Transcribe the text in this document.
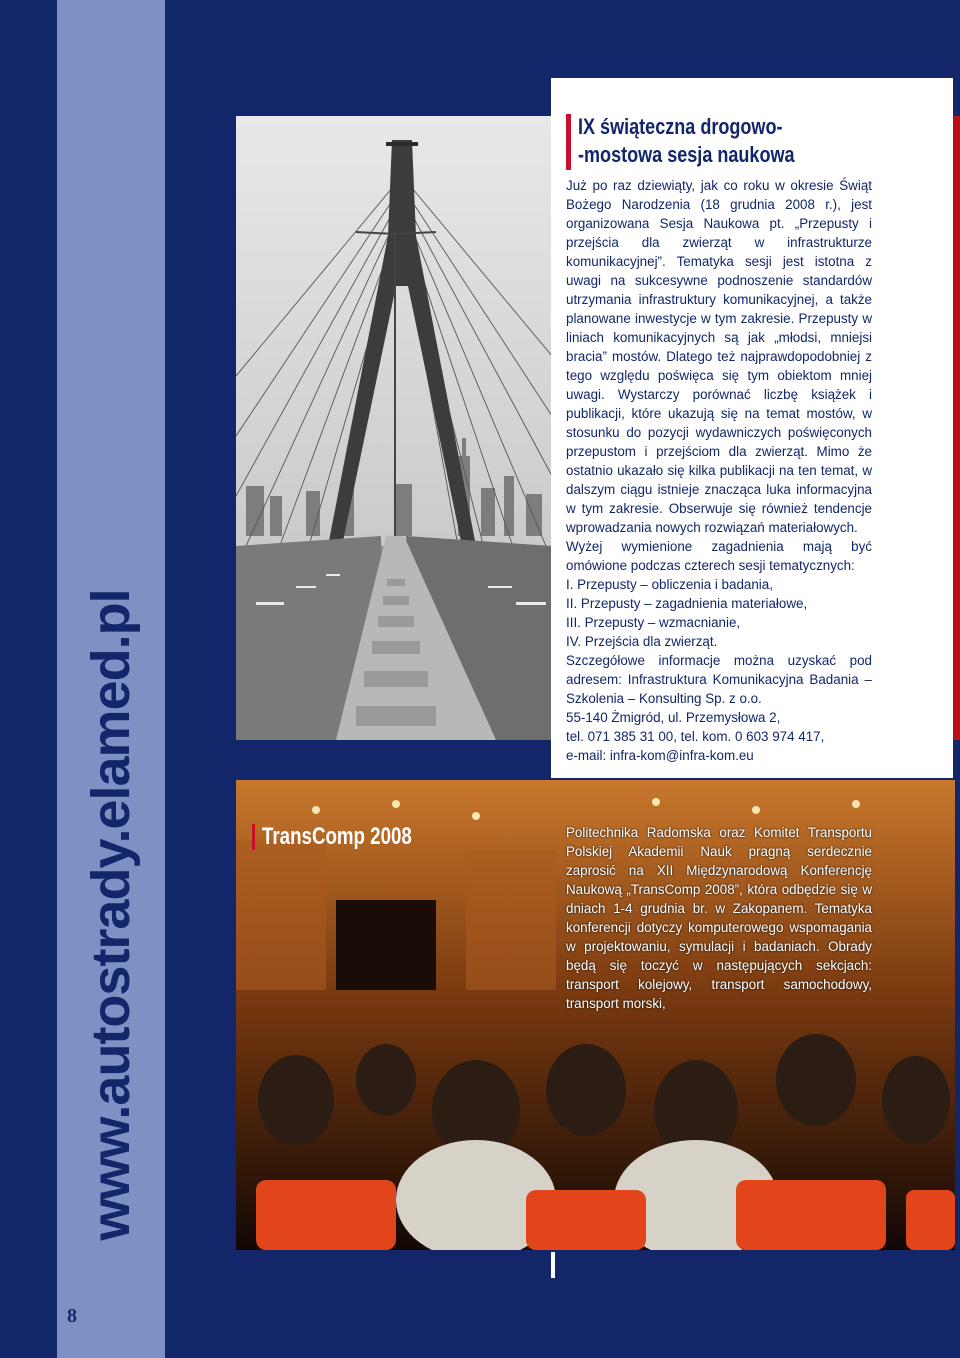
www.autostrady.elamed.pl
8
IX świąteczna drogowo-
-mostowa sesja naukowa

Już po raz dziewiąty, jak co roku w okresie Świąt Bożego Narodzenia (18 grudnia 2008 r.), jest organizowana Sesja Naukowa pt. „Przepusty i przejścia dla zwierząt w infrastrukturze komunikacyjnej”. Tematyka sesji jest istotna z uwagi na sukcesywne podnoszenie standardów utrzymania infrastruktury komunikacyjnej, a także planowane inwestycje w tym zakresie. Przepusty w liniach komunikacyjnych są jak „młodsi, mniejsi bracia” mostów. Dlatego też najprawdopodobniej z tego względu poświęca się tym obiektom mniej uwagi. Wystarczy porównać liczbę książek i publikacji, które ukazują się na temat mostów, w stosunku do pozycji wydawniczych poświęconych przepustom i przejściom dla zwierząt. Mimo że ostatnio ukazało się kilka publikacji na ten temat, w dalszym ciągu istnieje znacząca luka informacyjna w tym zakresie. Obserwuje się również tendencje wprowadzania nowych rozwiązań materiałowych.

Wyżej wymienione zagadnienia mają być omówione podczas czterech sesji tematycznych:

I. Przepusty – obliczenia i badania,

II. Przepusty – zagadnienia materiałowe,

III. Przepusty – wzmacnianie,

IV. Przejścia dla zwierząt.

Szczegółowe informacje można uzyskać pod adresem: Infrastruktura Komunikacyjna Badania – Szkolenia – Konsulting Sp. z o.o.

55-140 Żmigród, ul. Przemysłowa 2,

tel. 071 385 31 00, tel. kom. 0 603 974 417,

e-mail: infra-kom@infra-kom.eu

TransComp 2008	Politechnika Radomska oraz Komitet Transportu Polskiej Akademii Nauk pragną serdecznie zaprosić na XII Międzynarodową Konferencję Naukową „TransComp 2008”, która odbędzie się w dniach 1-4 grudnia br. w Zakopanem. Tematyka konferencji dotyczy komputerowego wspomagania w projektowaniu, symulacji i badaniach. Obrady będą się toczyć w następujących sekcjach: transport kolejowy, transport samochodowy, transport morski,
